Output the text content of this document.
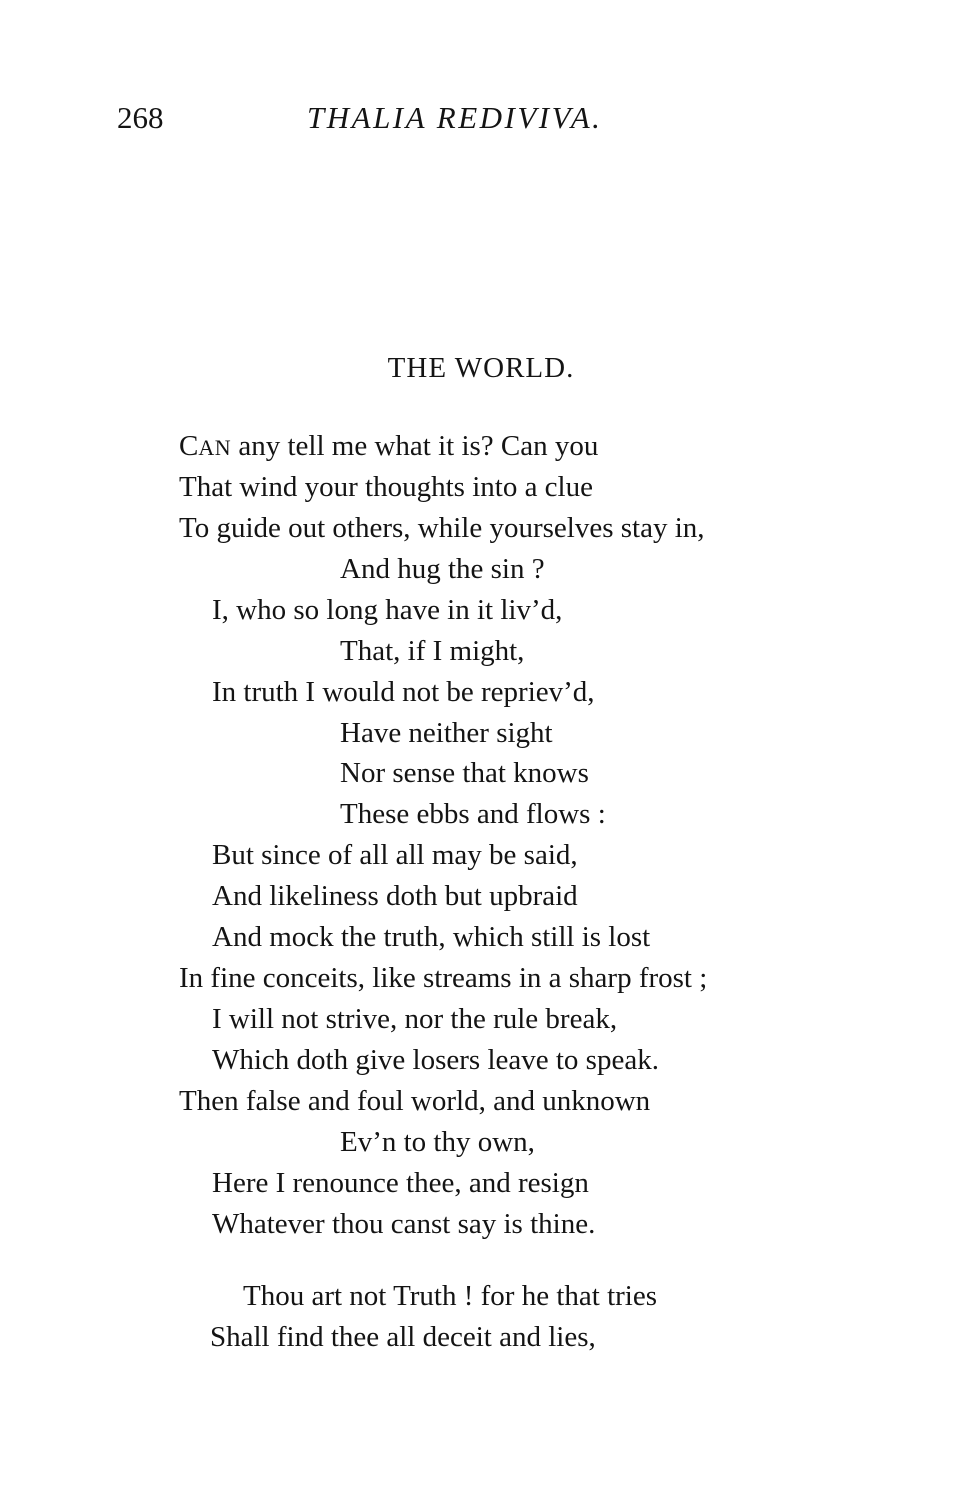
268	THALIA REDIVIVA.
THE WORLD.
CAN any tell me what it is? Can you
That wind your thoughts into a clue
To guide out others, while yourselves stay in,
And hug the sin ?
I, who so long have in it liv’d,
That, if I might,
In truth I would not be repriev’d,
Have neither sight
Nor sense that knows
These ebbs and flows :
But since of all all may be said,
And likeliness doth but upbraid
And mock the truth, which still is lost
In fine conceits, like streams in a sharp frost ;
I will not strive, nor the rule break,
Which doth give losers leave to speak.
Then false and foul world, and unknown
Ev’n to thy own,
Here I renounce thee, and resign
Whatever thou canst say is thine.
Thou art not Truth ! for he that tries
Shall find thee all deceit and lies,
